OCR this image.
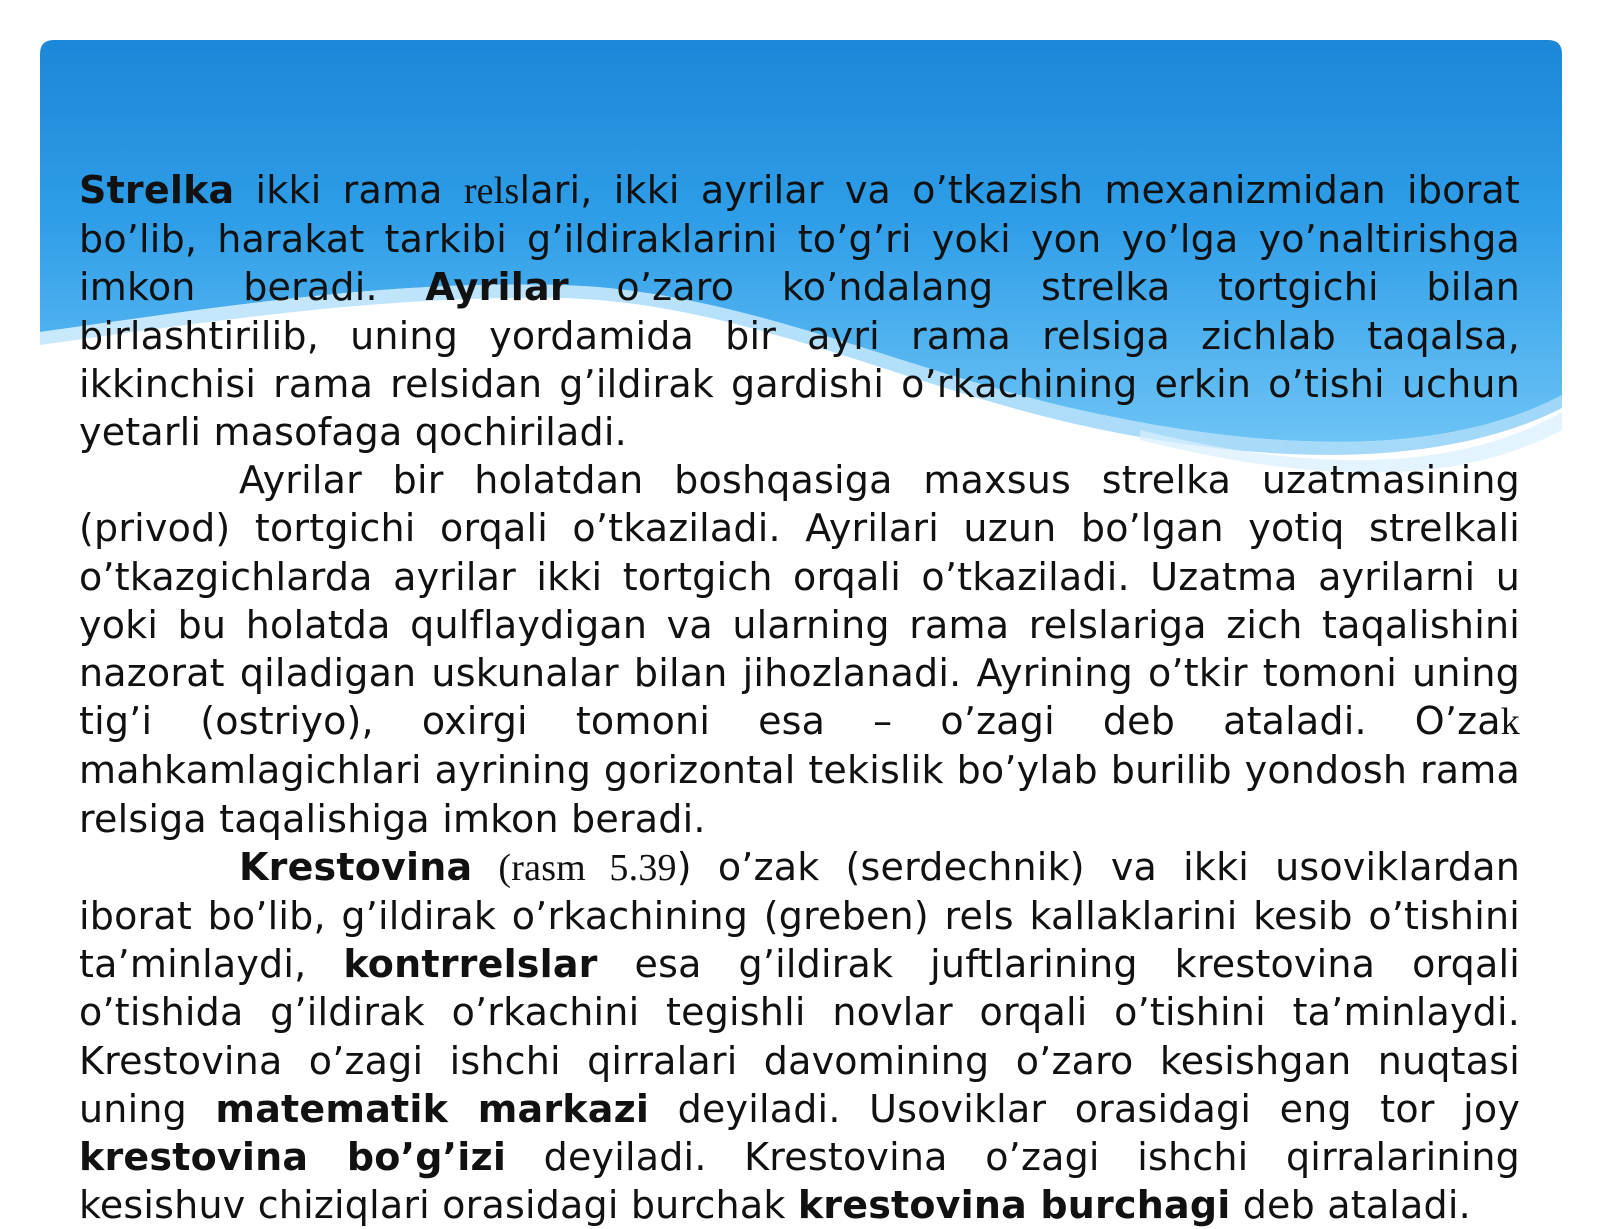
Strelka ikki rama relslari, ikki ayrilar va o’tkazish mexanizmidan iborat bo’lib, harakat tarkibi g’ildiraklarini to’g’ri yoki yon yo’lga yo’naltirishga imkon beradi. Ayrilar o’zaro ko’ndalang strelka tortgichi bilan birlashtirilib, uning yordamida bir ayri rama relsiga zichlab taqalsa, ikkinchisi rama relsidan g’ildirak gardishi o’rkachining erkin o’tishi uchun yetarli masofaga qochiriladi.

Ayrilar bir holatdan boshqasiga maxsus strelka uzatmasining (privod) tortgichi orqali o’tkaziladi. Ayrilari uzun bo’lgan yotiq strelkali o’tkazgichlarda ayrilar ikki tortgich orqali o’tkaziladi. Uzatma ayrilarni u yoki bu holatda qulflaydigan va ularning rama relslariga zich taqalishini nazorat qiladigan uskunalar bilan jihozlanadi. Ayrining o’tkir tomoni uning tig’i (ostriyo), oxirgi tomoni esa – o’zagi deb ataladi. O’zak mahkamlagichlari ayrining gorizontal tekislik bo’ylab burilib yondosh rama relsiga taqalishiga imkon beradi.

Krestovina (rasm 5.39) o’zak (serdechnik) va ikki usoviklardan iborat bo’lib, g’ildirak o’rkachining (greben) rels kallaklarini kesib o’tishini ta’minlaydi, kontrrelslar esa g’ildirak juftlarining krestovina orqali o’tishida g’ildirak o’rkachini tegishli novlar orqali o’tishini ta’minlaydi. Krestovina o’zagi ishchi qirralari davomining o’zaro kesishgan nuqtasi uning matematik markazi deyiladi. Usoviklar orasidagi eng tor joy krestovina bo’g’izi deyiladi. Krestovina o’zagi ishchi qirralarining kesishuv chiziqlari orasidagi burchak krestovina burchagi deb ataladi.
